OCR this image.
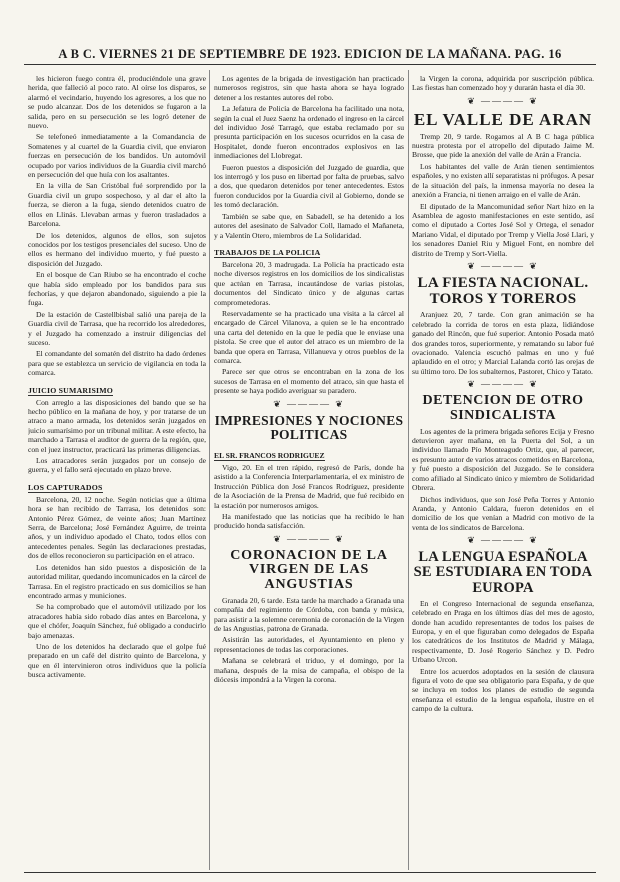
A B C. VIERNES 21 DE SEPTIEMBRE DE 1923. EDICION DE LA MAÑANA. PAG. 16

les hicieron fuego contra él, produciéndole una grave herida, que falleció al poco rato. Al oírse los disparos, se alarmó el vecindario, huyendo los agresores, a los que no se pudo alcanzar. Dos de los detenidos se fugaron a la salida, pero en su persecución se les logró detener de nuevo.

Se telefoneó inmediatamente a la Comandancia de Somatenes y al cuartel de la Guardia civil, que enviaron fuerzas en persecución de los bandidos. Un automóvil ocupado por varios individuos de la Guardia civil marchó en persecución del que huía con los asaltantes.

En la villa de San Cristóbal fué sorprendido por la Guardia civil un grupo sospechoso, y al dar el alto la fuerza, se dieron a la fuga, siendo detenidos cuatro de ellos en Llinás. Llevaban armas y fueron trasladados a Barcelona.

De los detenidos, algunos de ellos, son sujetos conocidos por los testigos presenciales del suceso. Uno de ellos es hermano del individuo muerto, y fué puesto a disposición del Juzgado.

En el bosque de Can Riubo se ha encontrado el coche que había sido empleado por los bandidos para sus fechorías, y que dejaron abandonado, siguiendo a pie la fuga.

De la estación de Castellbisbal salió una pareja de la Guardia civil de Tarrasa, que ha recorrido los alrededores, y el Juzgado ha comenzado a instruir diligencias del suceso.

El comandante del somatén del distrito ha dado órdenes para que se establezca un servicio de vigilancia en toda la comarca.

JUICIO SUMARISIMO

Con arreglo a las disposiciones del bando que se ha hecho público en la mañana de hoy, y por tratarse de un atraco a mano armada, los detenidos serán juzgados en juicio sumarísimo por un tribunal militar. A este efecto, ha marchado a Tarrasa el auditor de guerra de la región, que, con el juez instructor, practicará las primeras diligencias.

Los atracadores serán juzgados por un consejo de guerra, y el fallo será ejecutado en plazo breve.

LOS CAPTURADOS

Barcelona, 20, 12 noche. Según noticias que a última hora se han recibido de Tarrasa, los detenidos son: Antonio Pérez Gómez, de veinte años; Juan Martínez Serra, de Barcelona; José Fernández Aguirre, de treinta años, y un individuo apodado el Chato, todos ellos con antecedentes penales. Según las declaraciones prestadas, dos de ellos reconocieron su participación en el atraco.

Los detenidos han sido puestos a disposición de la autoridad militar, quedando incomunicados en la cárcel de Tarrasa. En el registro practicado en sus domicilios se han encontrado armas y municiones.

Se ha comprobado que el automóvil utilizado por los atracadores había sido robado días antes en Barcelona, y que el chófer, Joaquín Sánchez, fué obligado a conducirlo bajo amenazas.

Uno de los detenidos ha declarado que el golpe fué preparado en un café del distrito quinto de Barcelona, y que en él intervinieron otros individuos que la policía busca activamente.

Los agentes de la brigada de investigación han practicado numerosos registros, sin que hasta ahora se haya logrado detener a los restantes autores del robo.

La Jefatura de Policía de Barcelona ha facilitado una nota, según la cual el Juez Saenz ha ordenado el ingreso en la cárcel del individuo José Tarragó, que estaba reclamado por su presunta participación en los sucesos ocurridos en la casa de Hospitalet, donde fueron encontrados explosivos en las inmediaciones del Llobregat.

Fueron puestos a disposición del Juzgado de guardia, que los interrogó y los puso en libertad por falta de pruebas, salvo a dos, que quedaron detenidos por tener antecedentes. Estos fueron conducidos por la Guardia civil al Gobierno, donde se les tomó declaración.

También se sabe que, en Sabadell, se ha detenido a los autores del asesinato de Salvador Coll, llamado el Mañaneta, y a Valentín Otero, miembros de La Solidaridad.

TRABAJOS DE LA POLICIA

Barcelona 20, 3 madrugada. La Policía ha practicado esta noche diversos registros en los domicilios de los sindicalistas que actúan en Tarrasa, incautándose de varias pistolas, documentos del Sindicato único y de algunas cartas comprometedoras.

Reservadamente se ha practicado una visita a la cárcel al encargado de Cárcel Vilanova, a quien se le ha encontrado una carta del detenido en la que le pedía que le enviase una pistola. Se cree que el autor del atraco es un miembro de la banda que opera en Tarrasa, Villanueva y otros pueblos de la comarca.

Parece ser que otros se encontraban en la zona de los sucesos de Tarrasa en el momento del atraco, sin que hasta el presente se haya podido averiguar su paradero.

❦ ———— ❦
IMPRESIONES Y NOCIONES POLITICAS
EL SR. FRANCOS RODRIGUEZ

Vigo, 20. En el tren rápido, regresó de París, donde ha asistido a la Conferencia Interparlamentaria, el ex ministro de Instrucción Pública don José Francos Rodríguez, presidente de la Asociación de la Prensa de Madrid, que fué recibido en la estación por numerosos amigos.

Ha manifestado que las noticias que ha recibido le han producido honda satisfacción.

❦ ———— ❦
CORONACION DE LA VIRGEN DE LAS ANGUSTIAS

Granada 20, 6 tarde. Esta tarde ha marchado a Granada una compañía del regimiento de Córdoba, con banda y música, para asistir a la solemne ceremonia de coronación de la Virgen de las Angustias, patrona de Granada.

Asistirán las autoridades, el Ayuntamiento en pleno y representaciones de todas las corporaciones.

Mañana se celebrará el triduo, y el domingo, por la mañana, después de la misa de campaña, el obispo de la diócesis impondrá a la Virgen la corona.

la Virgen la corona, adquirida por suscripción pública. Las fiestas han comenzado hoy y durarán hasta el día 30.

❦ ———— ❦
EL VALLE DE ARAN

Tremp 20, 9 tarde. Rogamos al A B C haga pública nuestra protesta por el atropello del diputado Jaime M. Brosse, que pide la anexión del valle de Arán a Francia.

Los habitantes del valle de Arán tienen sentimientos españoles, y no existen allí separatistas ni prófugos. A pesar de la situación del país, la inmensa mayoría no desea la anexión a Francia, ni tienen arraigo en el valle de Arán.

El diputado de la Mancomunidad señor Nart hizo en la Asamblea de agosto manifestaciones en este sentido, así como el diputado a Cortes José Sol y Ortega, el senador Mariano Vidal, el diputado por Tremp y Viella José Llari, y los senadores Daniel Riu y Miguel Font, en nombre del distrito de Tremp y Sort-Viella.

❦ ———— ❦
LA FIESTA NACIONAL. TOROS Y TOREROS

Aranjuez 20, 7 tarde. Con gran animación se ha celebrado la corrida de toros en esta plaza, lidiándose ganado del Rincón, que fué superior. Antonio Posada mató dos grandes toros, superiormente, y rematando su labor fué ovacionado. Valencia escuchó palmas en uno y fué aplaudido en el otro; y Marcial Lalanda cortó las orejas de su último toro. De los subalternos, Pastoret, Chico y Tatato.

❦ ———— ❦
DETENCION DE OTRO SINDICALISTA

Los agentes de la primera brigada señores Ecija y Fresno detuvieron ayer mañana, en la Puerta del Sol, a un individuo llamado Pío Monteagudo Ortiz, que, al parecer, es presunto autor de varios atracos cometidos en Barcelona, y fué puesto a disposición del Juzgado. Se le considera como afiliado al Sindicato único y miembro de Solidaridad Obrera.

Dichos individuos, que son José Peña Torres y Antonio Aranda, y Antonio Caldara, fueron detenidos en el domicilio de los que venían a Madrid con motivo de la venta de los sindicatos de Barcelona.

❦ ———— ❦
LA LENGUA ESPAÑOLA SE ESTUDIARA EN TODA EUROPA

En el Congreso Internacional de segunda enseñanza, celebrado en Praga en los últimos días del mes de agosto, donde han acudido representantes de todos los países de Europa, y en el que figuraban como delegados de España los catedráticos de los Institutos de Madrid y Málaga, respectivamente, D. José Rogerio Sánchez y D. Pedro Urbano Urcon.

Entre los acuerdos adoptados en la sesión de clausura figura el voto de que sea obligatorio para España, y de que se incluya en todos los planes de estudio de segunda enseñanza el estudio de la lengua española, ilustre en el campo de la cultura.
